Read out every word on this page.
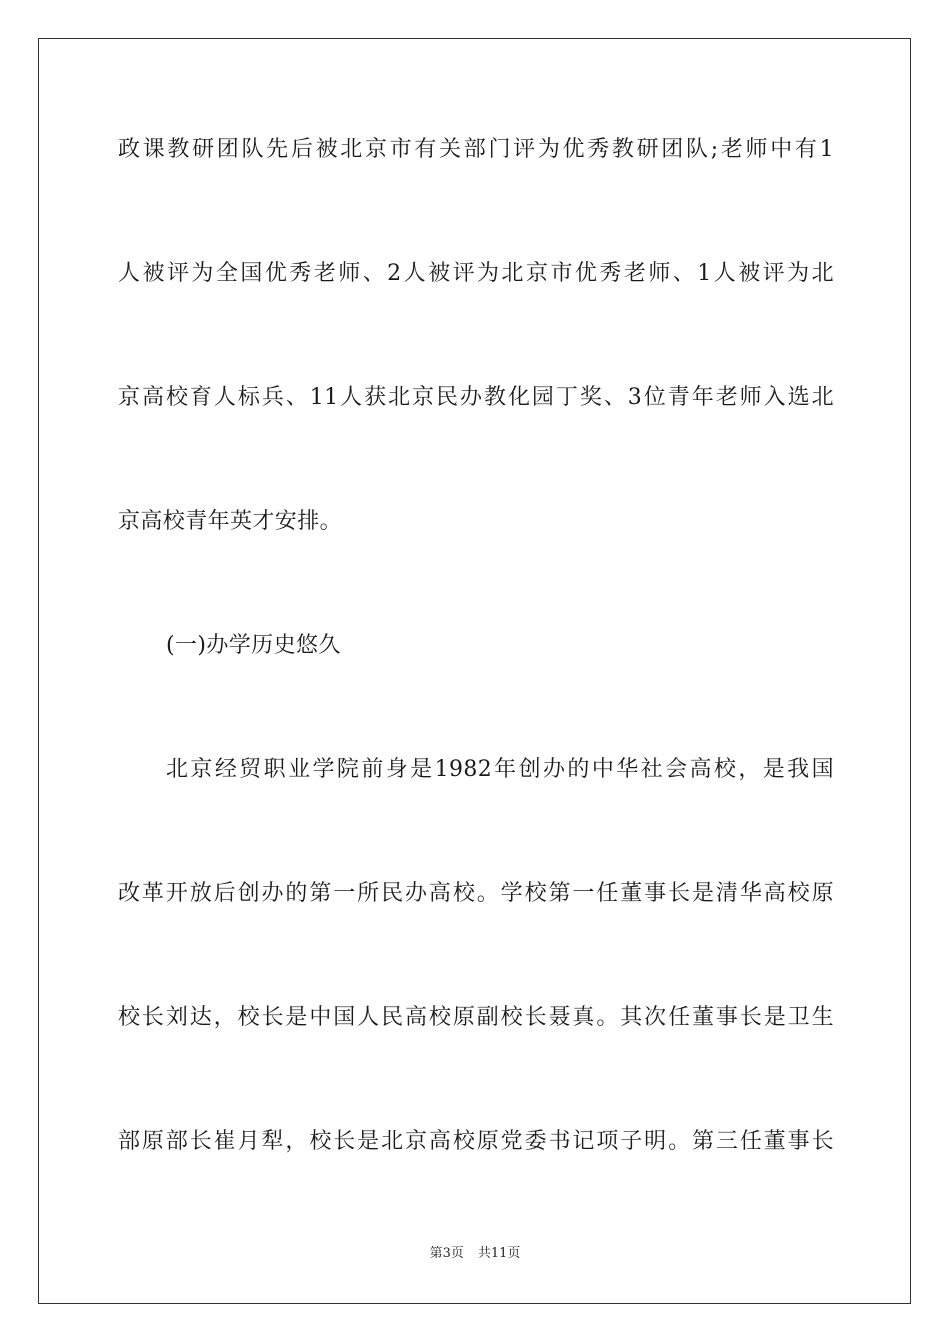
政课教研团队先后被北京市有关部门评为优秀教研团队;老师中有1
人被评为全国优秀老师、2人被评为北京市优秀老师、1人被评为北
京高校育人标兵、11人获北京民办教化园丁奖、3位青年老师入选北
京高校青年英才安排。
(一)办学历史悠久
北京经贸职业学院前身是1982年创办的中华社会高校，是我国
改革开放后创办的第一所民办高校。学校第一任董事长是清华高校原
校长刘达，校长是中国人民高校原副校长聂真。其次任董事长是卫生
部原部长崔月犁，校长是北京高校原党委书记项子明。第三任董事长
第3页 共11页
